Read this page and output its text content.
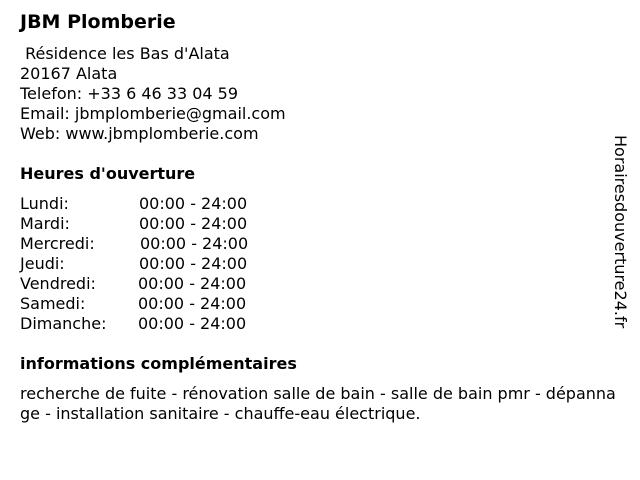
JBM Plomberie
Résidence les Bas d'Alata
20167 Alata
Telefon: +33 6 46 33 04 59
Email: jbmplomberie@gmail.com
Web: www.jbmplomberie.com
Heures d'ouverture
Lundi:	00:00 - 24:00
Mardi:	00:00 - 24:00
Mercredi:	00:00 - 24:00
Jeudi:	00:00 - 24:00
Vendredi:	00:00 - 24:00
Samedi:	00:00 - 24:00
Dimanche: 00:00 - 24:00
informations complémentaires
recherche de fuite - rénovation salle de bain - salle de bain pmr - dépannage - installation sanitaire - chauffe-eau électrique.
Horairesdouverture24.fr
